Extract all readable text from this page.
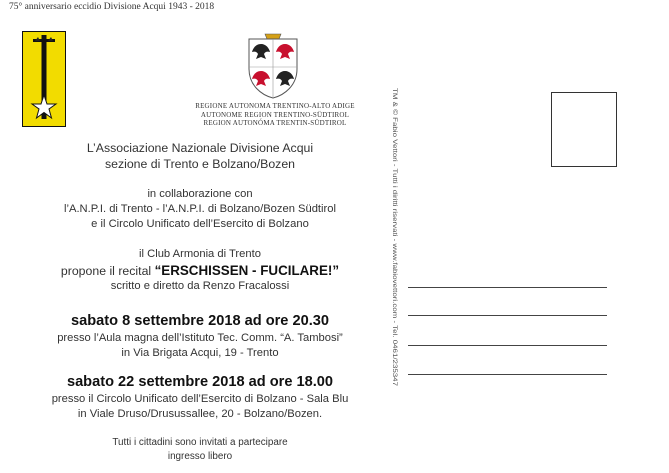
75° anniversario eccidio Divisione Acqui 1943 - 2018
REGIONE AUTONOMA TRENTINO-ALTO ADIGE
AUTONOME REGION TRENTINO-SÜDTIROL
REGION AUTONÓMA TRENTIN-SÜDTIROL
L’Associazione Nazionale Divisione Acqui
sezione di Trento e Bolzano/Bozen
in collaborazione con
l’A.N.P.I. di Trento - l’A.N.P.I. di Bolzano/Bozen Südtirol
e il Circolo Unificato dell’Esercito di Bolzano
il Club Armonia di Trento
propone il recital “ERSCHISSEN - FUCILARE!”
scritto e diretto da Renzo Fracalossi
sabato 8 settembre 2018 ad ore 20.30
presso l’Aula magna dell’Istituto Tec. Comm. “A. Tambosi”
in Via Brigata Acqui, 19 - Trento
sabato 22 settembre 2018 ad ore 18.00
presso il Circolo Unificato dell’Esercito di Bolzano - Sala Blu
in Viale Druso/Drusussallee, 20 - Bolzano/Bozen.
Tutti i cittadini sono invitati a partecipare
ingresso libero
TM & © Fabio Vettori - Tutti i diritti riservati - www.fabiovettori.com - Tel. 0461/235347
